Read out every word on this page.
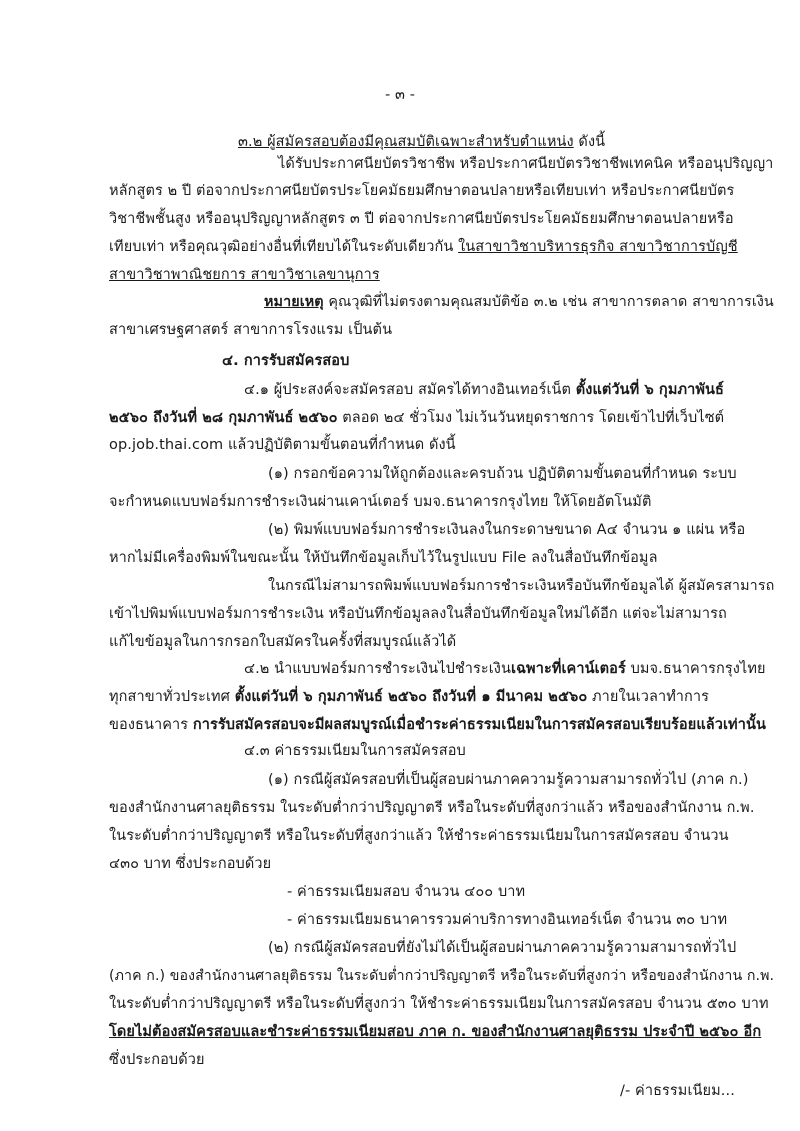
- ๓ -
๓.๒ ผู้สมัครสอบต้องมีคุณสมบัติเฉพาะสำหรับตำแหน่ง ดังนี้
ได้รับประกาศนียบัตรวิชาชีพ หรือประกาศนียบัตรวิชาชีพเทคนิค หรืออนุปริญญา
หลักสูตร ๒ ปี ต่อจากประกาศนียบัตรประโยคมัธยมศึกษาตอนปลายหรือเทียบเท่า หรือประกาศนียบัตร
วิชาชีพชั้นสูง หรืออนุปริญญาหลักสูตร ๓ ปี ต่อจากประกาศนียบัตรประโยคมัธยมศึกษาตอนปลายหรือ
เทียบเท่า หรือคุณวุฒิอย่างอื่นที่เทียบได้ในระดับเดียวกัน ในสาขาวิชาบริหารธุรกิจ สาขาวิชาการบัญชี
สาขาวิชาพาณิชยการ สาขาวิชาเลขานุการ
หมายเหตุ คุณวุฒิที่ไม่ตรงตามคุณสมบัติข้อ ๓.๒ เช่น สาขาการตลาด สาขาการเงิน
สาขาเศรษฐศาสตร์ สาขาการโรงแรม เป็นต้น
๔. การรับสมัครสอบ
๔.๑ ผู้ประสงค์จะสมัครสอบ สมัครได้ทางอินเทอร์เน็ต ตั้งแต่วันที่ ๖ กุมภาพันธ์
๒๕๖๐ ถึงวันที่ ๒๘ กุมภาพันธ์ ๒๕๖๐ ตลอด ๒๔ ชั่วโมง ไม่เว้นวันหยุดราชการ โดยเข้าไปที่เว็บไซต์
op.job.thai.com แล้วปฏิบัติตามขั้นตอนที่กำหนด ดังนี้
(๑) กรอกข้อความให้ถูกต้องและครบถ้วน ปฏิบัติตามขั้นตอนที่กำหนด ระบบ
จะกำหนดแบบฟอร์มการชำระเงินผ่านเคาน์เตอร์ บมจ.ธนาคารกรุงไทย ให้โดยอัตโนมัติ
(๒) พิมพ์แบบฟอร์มการชำระเงินลงในกระดาษขนาด A๔ จำนวน ๑ แผ่น หรือ
หากไม่มีเครื่องพิมพ์ในขณะนั้น ให้บันทึกข้อมูลเก็บไว้ในรูปแบบ File ลงในสื่อบันทึกข้อมูล
ในกรณีไม่สามารถพิมพ์แบบฟอร์มการชำระเงินหรือบันทึกข้อมูลได้ ผู้สมัครสามารถ
เข้าไปพิมพ์แบบฟอร์มการชำระเงิน หรือบันทึกข้อมูลลงในสื่อบันทึกข้อมูลใหม่ได้อีก แต่จะไม่สามารถ
แก้ไขข้อมูลในการกรอกใบสมัครในครั้งที่สมบูรณ์แล้วได้
๔.๒ นำแบบฟอร์มการชำระเงินไปชำระเงินเฉพาะที่เคาน์เตอร์ บมจ.ธนาคารกรุงไทย
ทุกสาขาทั่วประเทศ ตั้งแต่วันที่ ๖ กุมภาพันธ์ ๒๕๖๐ ถึงวันที่ ๑ มีนาคม ๒๕๖๐ ภายในเวลาทำการ
ของธนาคาร การรับสมัครสอบจะมีผลสมบูรณ์เมื่อชำระค่าธรรมเนียมในการสมัครสอบเรียบร้อยแล้วเท่านั้น
๔.๓ ค่าธรรมเนียมในการสมัครสอบ
(๑) กรณีผู้สมัครสอบที่เป็นผู้สอบผ่านภาคความรู้ความสามารถทั่วไป (ภาค ก.)
ของสำนักงานศาลยุติธรรม ในระดับต่ำกว่าปริญญาตรี หรือในระดับที่สูงกว่าแล้ว หรือของสำนักงาน ก.พ.
ในระดับต่ำกว่าปริญญาตรี หรือในระดับที่สูงกว่าแล้ว ให้ชำระค่าธรรมเนียมในการสมัครสอบ จำนวน
๔๓๐ บาท ซึ่งประกอบด้วย
- ค่าธรรมเนียมสอบ จำนวน ๔๐๐ บาท
- ค่าธรรมเนียมธนาคารรวมค่าบริการทางอินเทอร์เน็ต จำนวน ๓๐ บาท
(๒) กรณีผู้สมัครสอบที่ยังไม่ได้เป็นผู้สอบผ่านภาคความรู้ความสามารถทั่วไป
(ภาค ก.) ของสำนักงานศาลยุติธรรม ในระดับต่ำกว่าปริญญาตรี หรือในระดับที่สูงกว่า หรือของสำนักงาน ก.พ.
ในระดับต่ำกว่าปริญญาตรี หรือในระดับที่สูงกว่า ให้ชำระค่าธรรมเนียมในการสมัครสอบ จำนวน ๕๓๐ บาท
โดยไม่ต้องสมัครสอบและชำระค่าธรรมเนียมสอบ ภาค ก. ของสำนักงานศาลยุติธรรม ประจำปี ๒๕๖๐ อีก
ซึ่งประกอบด้วย
/- ค่าธรรมเนียม...
